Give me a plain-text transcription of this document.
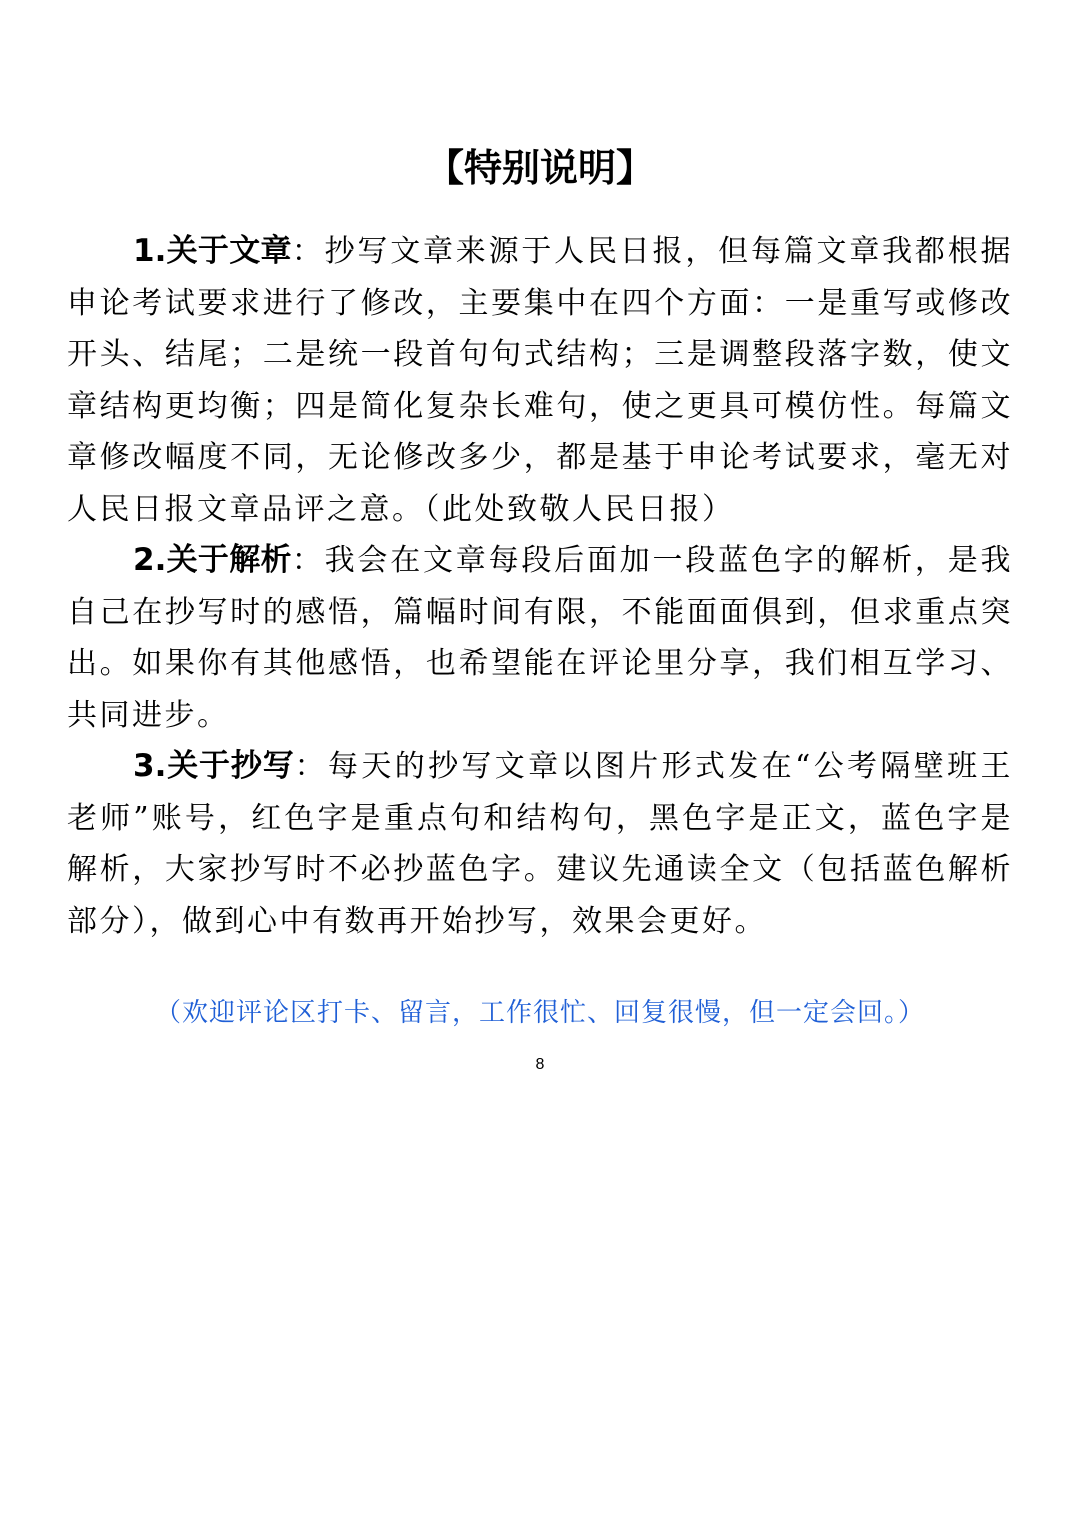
【特别说明】

1.关于文章：抄写文章来源于人民日报，但每篇文章我都根据申论考试要求进行了修改，主要集中在四个方面：一是重写或修改开头、结尾；二是统一段首句句式结构；三是调整段落字数，使文章结构更均衡；四是简化复杂长难句，使之更具可模仿性。每篇文章修改幅度不同，无论修改多少，都是基于申论考试要求，毫无对人民日报文章品评之意。（此处致敬人民日报）

2.关于解析：我会在文章每段后面加一段蓝色字的解析，是我自己在抄写时的感悟，篇幅时间有限，不能面面俱到，但求重点突出。如果你有其他感悟，也希望能在评论里分享，我们相互学习、共同进步。

3.关于抄写：每天的抄写文章以图片形式发在“公考隔壁班王老师”账号，红色字是重点句和结构句，黑色字是正文，蓝色字是解析，大家抄写时不必抄蓝色字。建议先通读全文（包括蓝色解析部分），做到心中有数再开始抄写，效果会更好。

（欢迎评论区打卡、留言，工作很忙、回复很慢，但一定会回。）

8
